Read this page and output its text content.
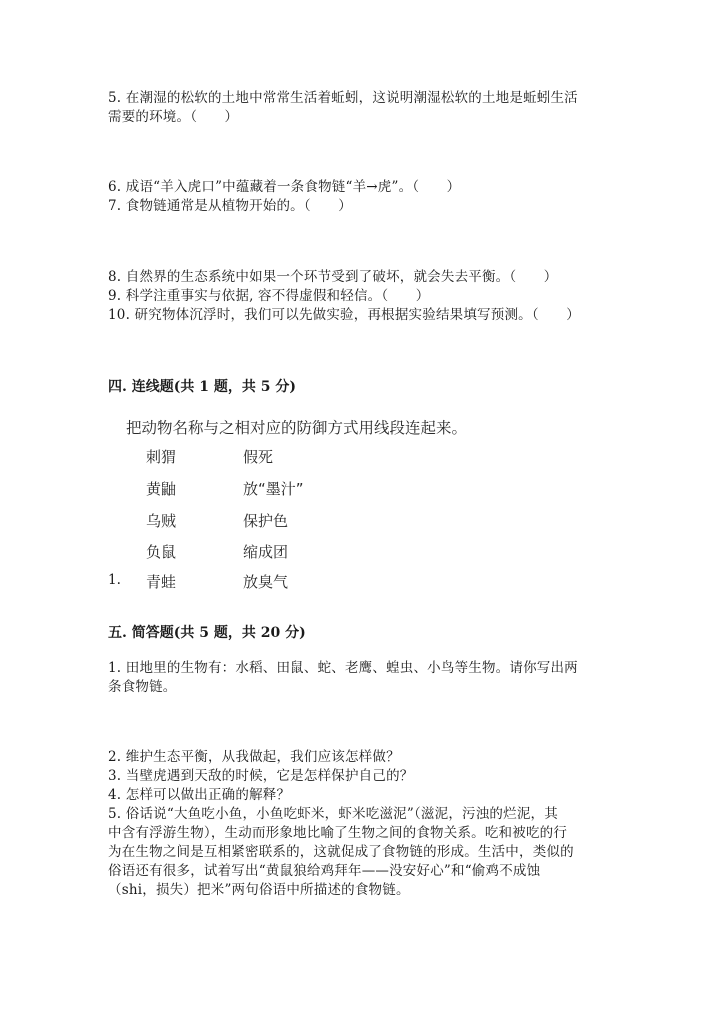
5. 在潮湿的松软的土地中常常生活着蚯蚓，这说明潮湿松软的土地是蚯蚓生活
需要的环境。（　　）
6. 成语“羊入虎口”中蕴藏着一条食物链“羊→虎”。（　　）
7. 食物链通常是从植物开始的。（　　）
8. 自然界的生态系统中如果一个环节受到了破坏，就会失去平衡。（　　）
9. 科学注重事实与依据, 容不得虚假和轻信。（　　）
10. 研究物体沉浮时，我们可以先做实验，再根据实验结果填写预测。（　　）
四. 连线题(共 1 题，共 5 分)
把动物名称与之相对应的防御方式用线段连起来。
刺猬	假死
黄鼬	放“墨汁”
乌贼	保护色
负鼠	缩成团
1. 青蛙	放臭气
五. 简答题(共 5 题，共 20 分)
1. 田地里的生物有：水稻、田鼠、蛇、老鹰、蝗虫、小鸟等生物。请你写出两
条食物链。
2. 维护生态平衡，从我做起，我们应该怎样做？
3. 当壁虎遇到天敌的时候，它是怎样保护自己的？
4. 怎样可以做出正确的解释？
5. 俗话说“大鱼吃小鱼，小鱼吃虾米，虾米吃滋泥”（滋泥，污浊的烂泥，其
中含有浮游生物），生动而形象地比喻了生物之间的食物关系。吃和被吃的行
为在生物之间是互相紧密联系的，这就促成了食物链的形成。生活中，类似的
俗语还有很多，试着写出“黄鼠狼给鸡拜年——没安好心”和“偷鸡不成蚀
（shi，损失）把米”两句俗语中所描述的食物链。
